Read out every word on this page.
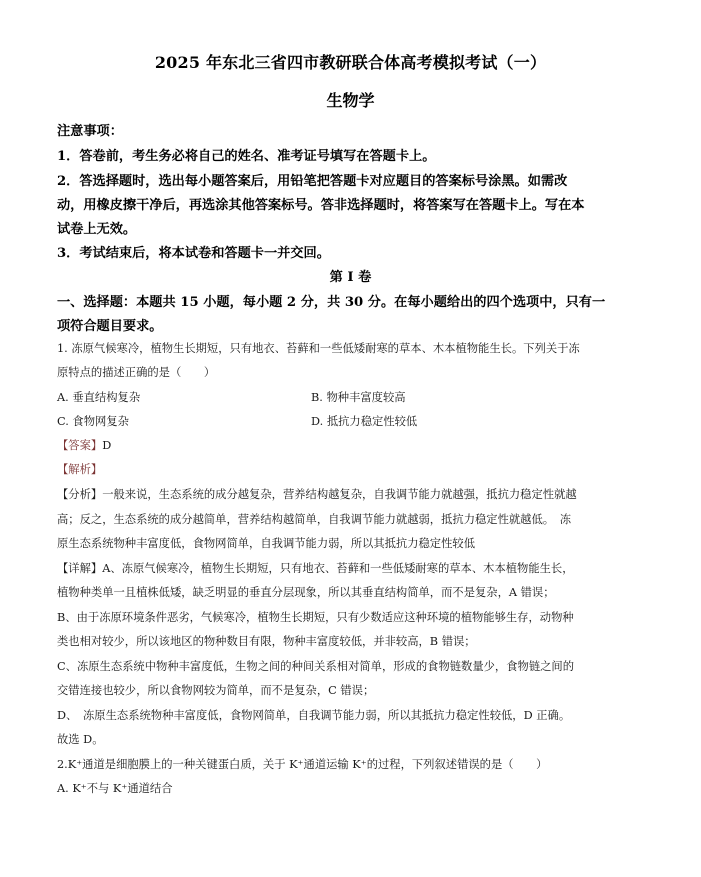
2025 年东北三省四市教研联合体高考模拟考试（一）
生物学
注意事项：
1．答卷前，考生务必将自己的姓名、准考证号填写在答题卡上。
2．答选择题时，选出每小题答案后，用铅笔把答题卡对应题目的答案标号涂黑。如需改
动，用橡皮擦干净后，再选涂其他答案标号。答非选择题时，将答案写在答题卡上。写在本
试卷上无效。
3．考试结束后，将本试卷和答题卡一并交回。
第 I 卷
一、选择题：本题共 15 小题，每小题 2 分，共 30 分。在每小题给出的四个选项中，只有一
项符合题目要求。
1. 冻原气候寒冷，植物生长期短，只有地衣、苔藓和一些低矮耐寒的草本、木本植物能生长。下列关于冻
原特点的描述正确的是（　　）
A. 垂直结构复杂	B. 物种丰富度较高
C. 食物网复杂	D. 抵抗力稳定性较低
【答案】D
【解析】
【分析】一般来说，生态系统的成分越复杂，营养结构越复杂，自我调节能力就越强，抵抗力稳定性就越
高；反之，生态系统的成分越简单，营养结构越简单，自我调节能力就越弱，抵抗力稳定性就越低。　冻
原生态系统物种丰富度低，食物网简单，自我调节能力弱，所以其抵抗力稳定性较低
【详解】A、冻原气候寒冷，植物生长期短，只有地衣、苔藓和一些低矮耐寒的草本、木本植物能生长，
植物种类单一且植株低矮，缺乏明显的垂直分层现象，所以其垂直结构简单，而不是复杂，A 错误；
B、由于冻原环境条件恶劣，气候寒冷，植物生长期短，只有少数适应这种环境的植物能够生存，动物种
类也相对较少，所以该地区的物种数目有限，物种丰富度较低，并非较高，B 错误；
C、冻原生态系统中物种丰富度低，生物之间的种间关系相对简单，形成的食物链数量少，食物链之间的
交错连接也较少，所以食物网较为简单，而不是复杂，C 错误；
D、　冻原生态系统物种丰富度低，食物网简单，自我调节能力弱，所以其抵抗力稳定性较低，D 正确。
故选 D。
2.K⁺通道是细胞膜上的一种关键蛋白质，关于 K⁺通道运输 K⁺的过程，下列叙述错误的是（　　）
A. K⁺不与 K⁺通道结合
